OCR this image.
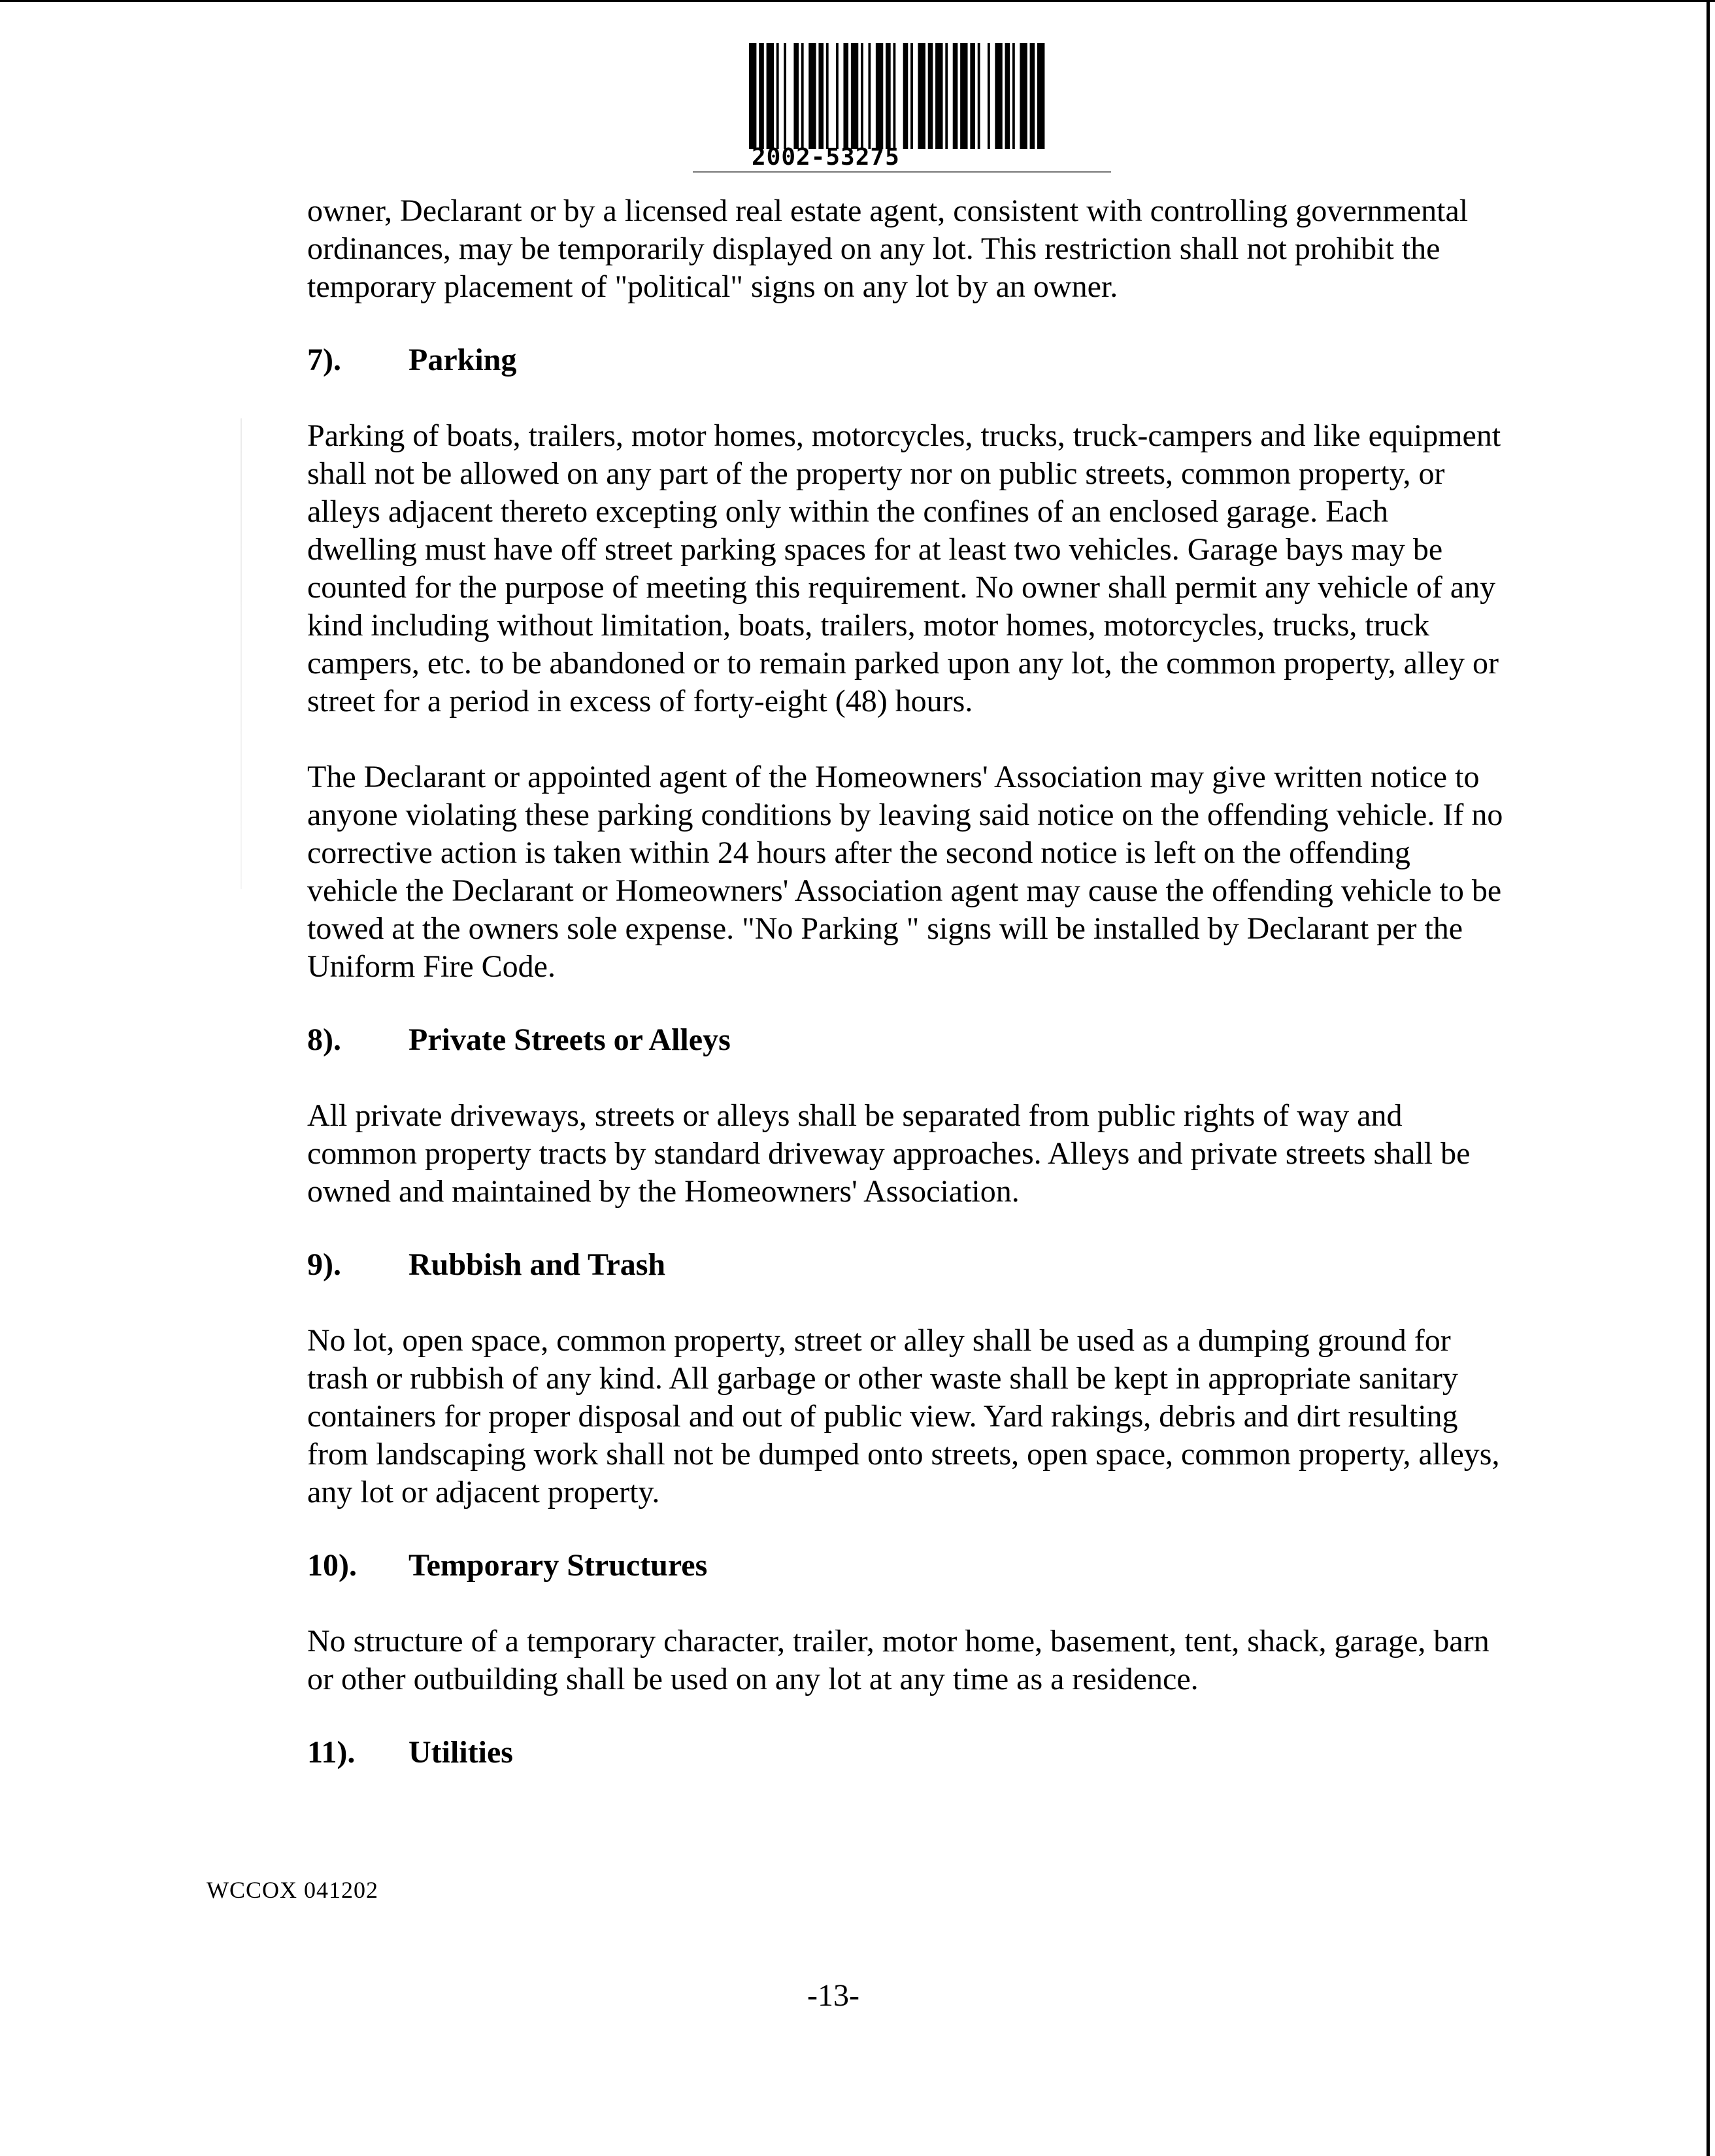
2002-53275

owner, Declarant or by a licensed real estate agent, consistent with controlling governmental ordinances, may be temporarily displayed on any lot. This restriction shall not prohibit the temporary placement of "political" signs on any lot by an owner.

7).	Parking

Parking of boats, trailers, motor homes, motorcycles, trucks, truck-campers and like equipment shall not be allowed on any part of the property nor on public streets, common property, or alleys adjacent thereto excepting only within the confines of an enclosed garage. Each dwelling must have off street parking spaces for at least two vehicles. Garage bays may be counted for the purpose of meeting this requirement. No owner shall permit any vehicle of any kind including without limitation, boats, trailers, motor homes, motorcycles, trucks, truck campers, etc. to be abandoned or to remain parked upon any lot, the common property, alley or street for a period in excess of forty-eight (48) hours.

The Declarant or appointed agent of the Homeowners' Association may give written notice to anyone violating these parking conditions by leaving said notice on the offending vehicle. If no corrective action is taken within 24 hours after the second notice is left on the offending vehicle the Declarant or Homeowners' Association agent may cause the offending vehicle to be towed at the owners sole expense. "No Parking " signs will be installed by Declarant per the Uniform Fire Code.

8).	Private Streets or Alleys

All private driveways, streets or alleys shall be separated from public rights of way and common property tracts by standard driveway approaches. Alleys and private streets shall be owned and maintained by the Homeowners' Association.

9).	Rubbish and Trash

No lot, open space, common property, street or alley shall be used as a dumping ground for trash or rubbish of any kind. All garbage or other waste shall be kept in appropriate sanitary containers for proper disposal and out of public view. Yard rakings, debris and dirt resulting from landscaping work shall not be dumped onto streets, open space, common property, alleys, any lot or adjacent property.

10).	Temporary Structures

No structure of a temporary character, trailer, motor home, basement, tent, shack, garage, barn or other outbuilding shall be used on any lot at any time as a residence.

11).	Utilities
WCCOX 041202
-13-
